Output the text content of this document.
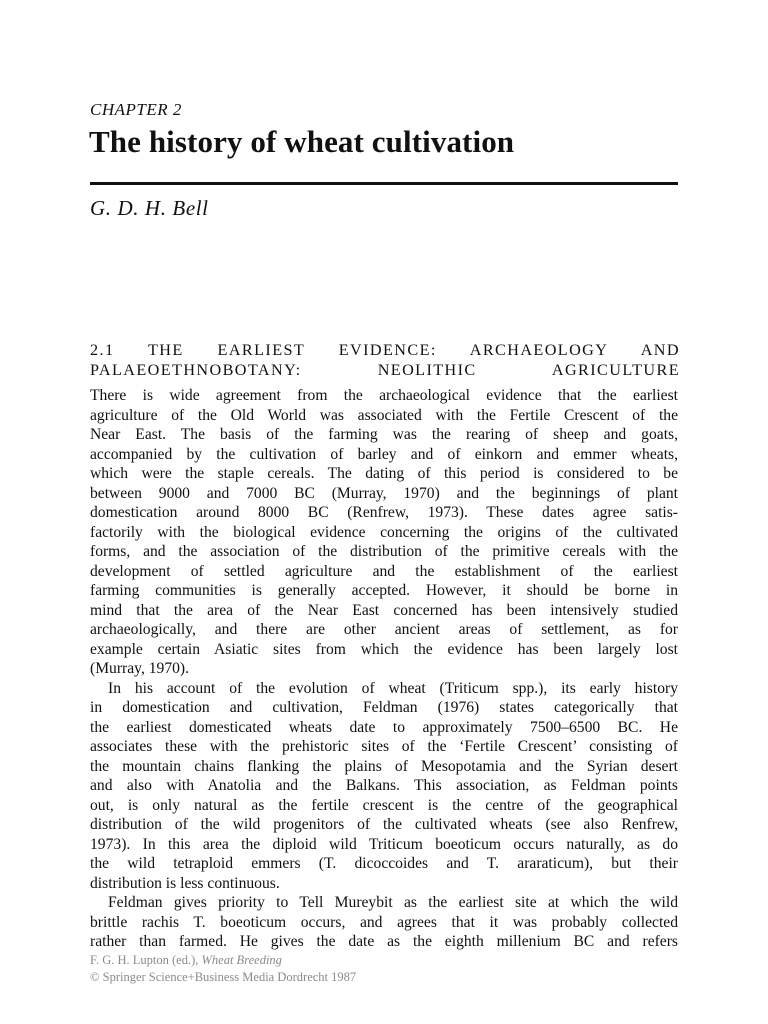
CHAPTER 2
The history of wheat cultivation
G. D. H. Bell
2.1 THE EARLIEST EVIDENCE: ARCHAEOLOGY AND
PALAEOETHNOBOTANY: NEOLITHIC AGRICULTURE
There is wide agreement from the archaeological evidence that the earliest
agriculture of the Old World was associated with the Fertile Crescent of the
Near East. The basis of the farming was the rearing of sheep and goats,
accompanied by the cultivation of barley and of einkorn and emmer wheats,
which were the staple cereals. The dating of this period is considered to be
between 9000 and 7000 BC (Murray, 1970) and the beginnings of plant
domestication around 8000 BC (Renfrew, 1973). These dates agree satis-
factorily with the biological evidence concerning the origins of the cultivated
forms, and the association of the distribution of the primitive cereals with the
development of settled agriculture and the establishment of the earliest
farming communities is generally accepted. However, it should be borne in
mind that the area of the Near East concerned has been intensively studied
archaeologically, and there are other ancient areas of settlement, as for
example certain Asiatic sites from which the evidence has been largely lost
(Murray, 1970).
In his account of the evolution of wheat (Triticum spp.), its early history
in domestication and cultivation, Feldman (1976) states categorically that
the earliest domesticated wheats date to approximately 7500–6500 BC. He
associates these with the prehistoric sites of the ‘Fertile Crescent’ consisting of
the mountain chains flanking the plains of Mesopotamia and the Syrian desert
and also with Anatolia and the Balkans. This association, as Feldman points
out, is only natural as the fertile crescent is the centre of the geographical
distribution of the wild progenitors of the cultivated wheats (see also Renfrew,
1973). In this area the diploid wild Triticum boeoticum occurs naturally, as do
the wild tetraploid emmers (T. dicoccoides and T. araraticum), but their
distribution is less continuous.
Feldman gives priority to Tell Mureybit as the earliest site at which the wild
brittle rachis T. boeoticum occurs, and agrees that it was probably collected
rather than farmed. He gives the date as the eighth millenium BC and refers
F. G. H. Lupton (ed.), Wheat Breeding
© Springer Science+Business Media Dordrecht 1987
